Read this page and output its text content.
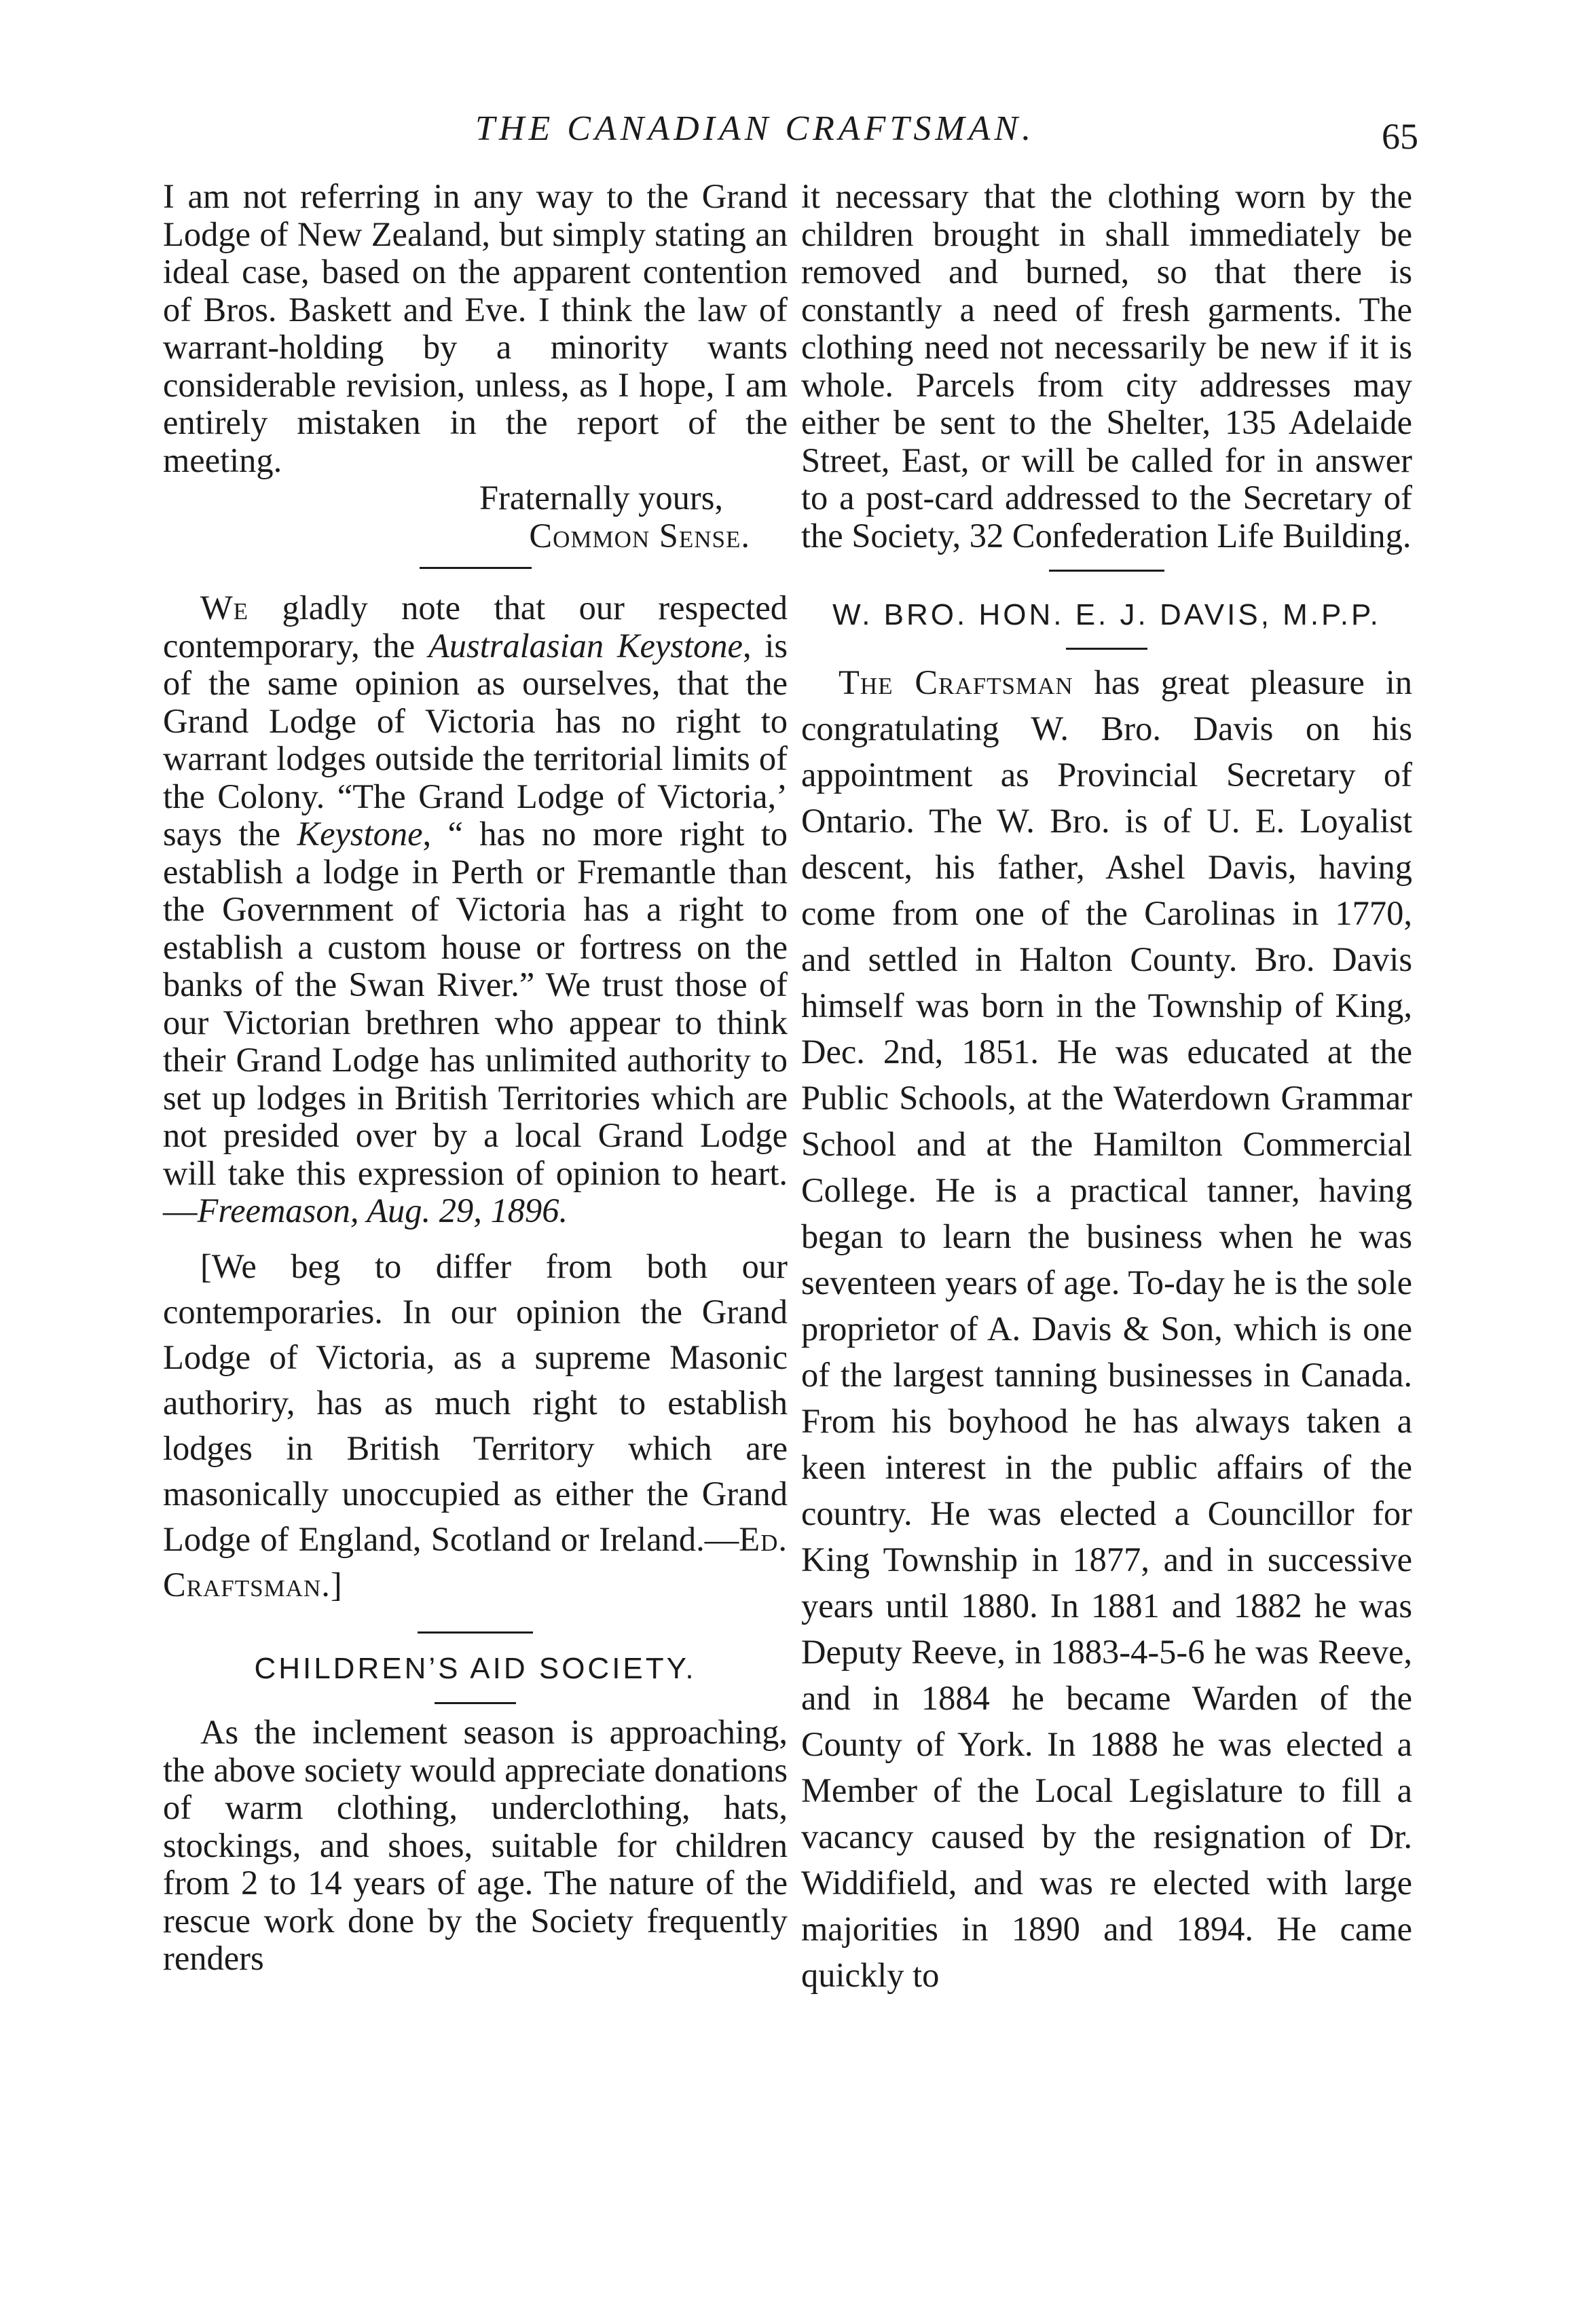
THE CANADIAN CRAFTSMAN.	65

I am not referring in any way to the Grand Lodge of New Zealand, but simply stating an ideal case, based on the apparent contention of Bros. Baskett and Eve. I think the law of warrant-holding by a minority wants considerable revision, unless, as I hope, I am entirely mistaken in the report of the meeting.

Fraternally yours,

Common Sense.

We gladly note that our respected contemporary, the Australasian Keystone, is of the same opinion as ourselves, that the Grand Lodge of Victoria has no right to warrant lodges outside the territorial limits of the Colony. “The Grand Lodge of Victoria,’ says the Keystone, “ has no more right to establish a lodge in Perth or Fremantle than the Government of Victoria has a right to establish a custom house or fortress on the banks of the Swan River.” We trust those of our Victorian brethren who appear to think their Grand Lodge has unlimited authority to set up lodges in British Territories which are not presided over by a local Grand Lodge will take this expression of opinion to heart.—Freemason, Aug. 29, 1896.

[We beg to differ from both our contemporaries. In our opinion the Grand Lodge of Victoria, as a supreme Masonic authoriry, has as much right to establish lodges in British Territory which are masonically unoccupied as either the Grand Lodge of England, Scotland or Ireland.—Ed. Craftsman.]

CHILDREN’S AID SOCIETY.

As the inclement season is approaching, the above society would appreciate donations of warm clothing, underclothing, hats, stockings, and shoes, suitable for children from 2 to 14 years of age. The nature of the rescue work done by the Society frequently renders

it necessary that the clothing worn by the children brought in shall immediately be removed and burned, so that there is constantly a need of fresh garments. The clothing need not necessarily be new if it is whole. Parcels from city addresses may either be sent to the Shelter, 135 Adelaide Street, East, or will be called for in answer to a post-card addressed to the Secretary of the Society, 32 Confederation Life Building.

W. BRO. HON. E. J. DAVIS, M.P.P.

The Craftsman has great pleasure in congratulating W. Bro. Davis on his appointment as Provincial Secretary of Ontario. The W. Bro. is of U. E. Loyalist descent, his father, Ashel Davis, having come from one of the Carolinas in 1770, and settled in Halton County. Bro. Davis himself was born in the Township of King, Dec. 2nd, 1851. He was educated at the Public Schools, at the Waterdown Grammar School and at the Hamilton Commercial College. He is a practical tanner, having began to learn the business when he was seventeen years of age. To-day he is the sole proprietor of A. Davis & Son, which is one of the largest tanning businesses in Canada. From his boyhood he has always taken a keen interest in the public affairs of the country. He was elected a Councillor for King Township in 1877, and in successive years until 1880. In 1881 and 1882 he was Deputy Reeve, in 1883-4-5-6 he was Reeve, and in 1884 he became Warden of the County of York. In 1888 he was elected a Member of the Local Legislature to fill a vacancy caused by the resignation of Dr. Widdifield, and was re elected with large majorities in 1890 and 1894. He came quickly to
